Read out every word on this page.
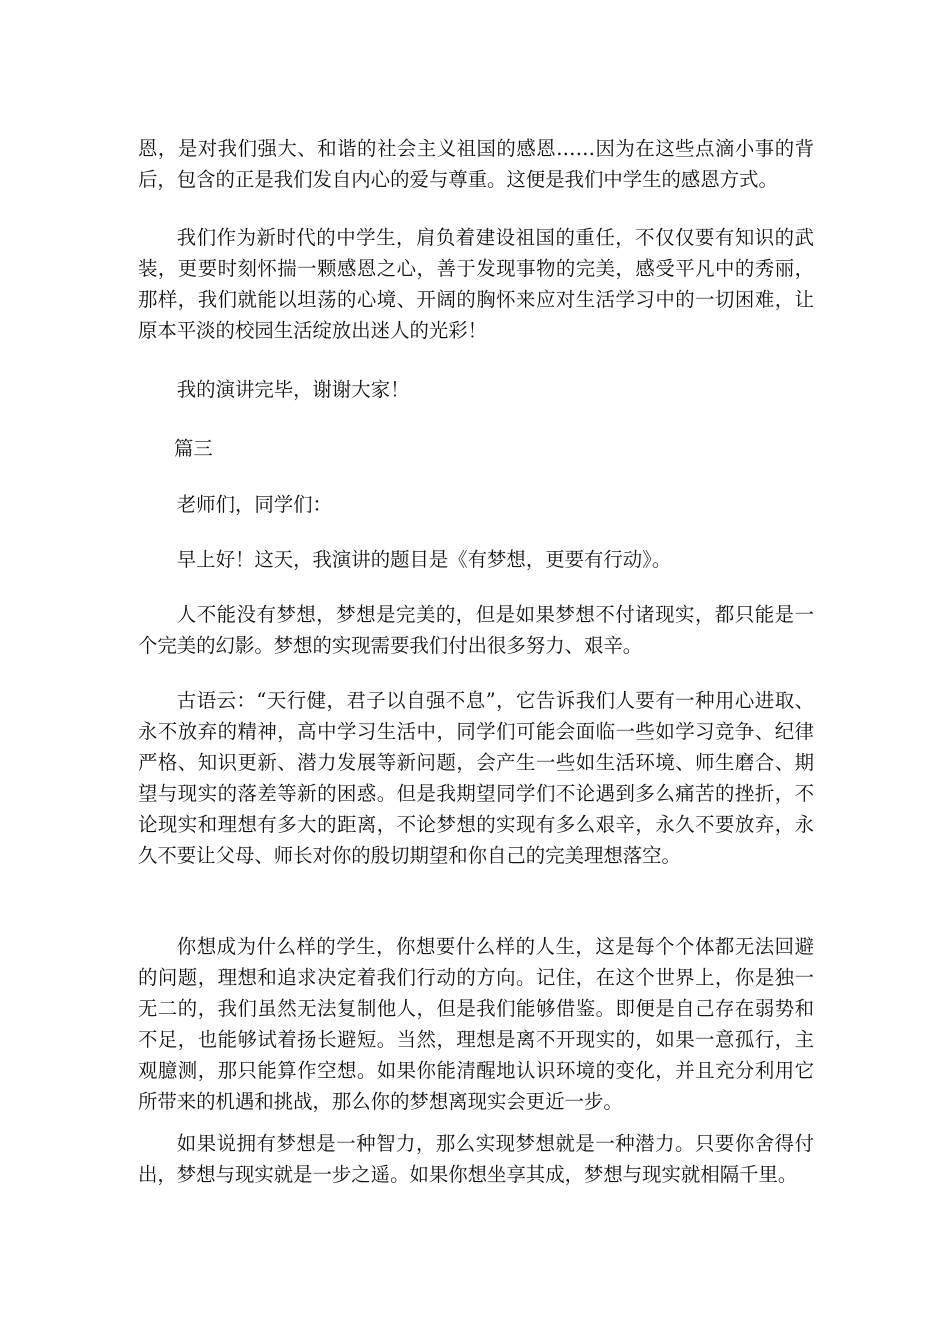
恩，是对我们强大、和谐的社会主义祖国的感恩……因为在这些点滴小事的背后，包含的正是我们发自内心的爱与尊重。这便是我们中学生的感恩方式。

我们作为新时代的中学生，肩负着建设祖国的重任，不仅仅要有知识的武装，更要时刻怀揣一颗感恩之心，善于发现事物的完美，感受平凡中的秀丽，那样，我们就能以坦荡的心境、开阔的胸怀来应对生活学习中的一切困难，让原本平淡的校园生活绽放出迷人的光彩！

我的演讲完毕，谢谢大家！

篇三

老师们，同学们：

早上好！这天，我演讲的题目是《有梦想，更要有行动》。

人不能没有梦想，梦想是完美的，但是如果梦想不付诸现实，都只能是一个完美的幻影。梦想的实现需要我们付出很多努力、艰辛。

古语云：“天行健，君子以自强不息”，它告诉我们人要有一种用心进取、永不放弃的精神，高中学习生活中，同学们可能会面临一些如学习竞争、纪律严格、知识更新、潜力发展等新问题，会产生一些如生活环境、师生磨合、期望与现实的落差等新的困惑。但是我期望同学们不论遇到多么痛苦的挫折，不论现实和理想有多大的距离，不论梦想的实现有多么艰辛，永久不要放弃，永久不要让父母、师长对你的殷切期望和你自己的完美理想落空。

你想成为什么样的学生，你想要什么样的人生，这是每个个体都无法回避的问题，理想和追求决定着我们行动的方向。记住，在这个世界上，你是独一无二的，我们虽然无法复制他人，但是我们能够借鉴。即便是自己存在弱势和不足，也能够试着扬长避短。当然，理想是离不开现实的，如果一意孤行，主观臆测，那只能算作空想。如果你能清醒地认识环境的变化，并且充分利用它所带来的机遇和挑战，那么你的梦想离现实会更近一步。

如果说拥有梦想是一种智力，那么实现梦想就是一种潜力。只要你舍得付出，梦想与现实就是一步之遥。如果你想坐享其成，梦想与现实就相隔千里。
